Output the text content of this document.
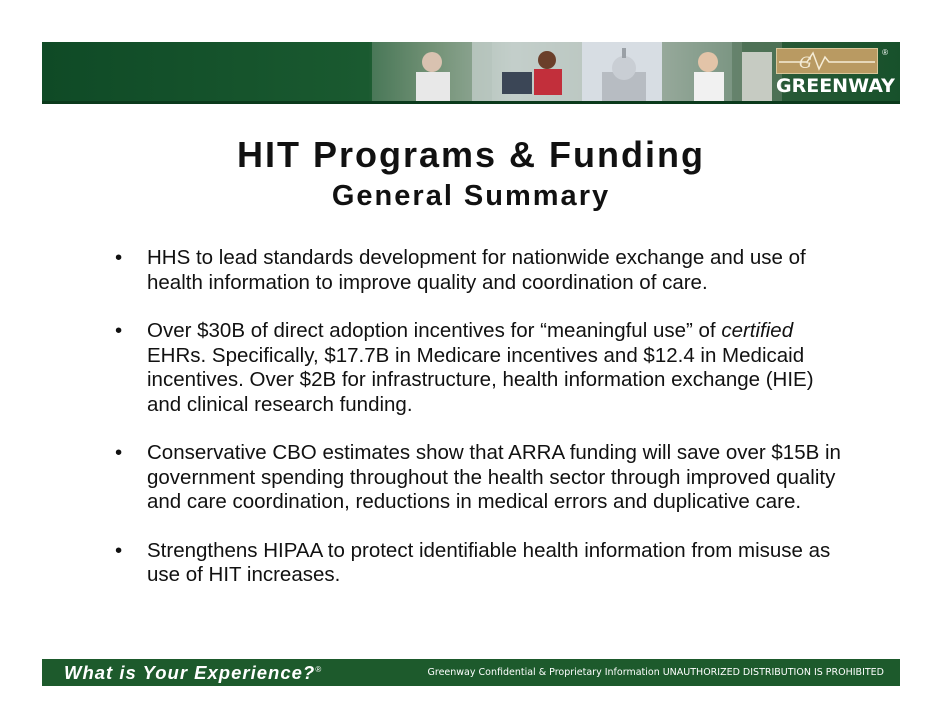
G
®
GREENWAY
HIT Programs & Funding
General Summary
• HHS to lead standards development for nationwide exchange and use of health information to improve quality and coordination of care.
• Over $30B of direct adoption incentives for “meaningful use” of certified EHRs. Specifically, $17.7B in Medicare incentives and $12.4 in Medicaid incentives. Over $2B for infrastructure, health information exchange (HIE) and clinical research funding.
• Conservative CBO estimates show that ARRA funding will save over $15B in government spending throughout the health sector through improved quality and care coordination, reductions in medical errors and duplicative care.
• Strengthens HIPAA to protect identifiable health information from misuse as use of HIT increases.
What is Your Experience?®	Greenway Confidential & Proprietary Information UNAUTHORIZED DISTRIBUTION IS PROHIBITED
